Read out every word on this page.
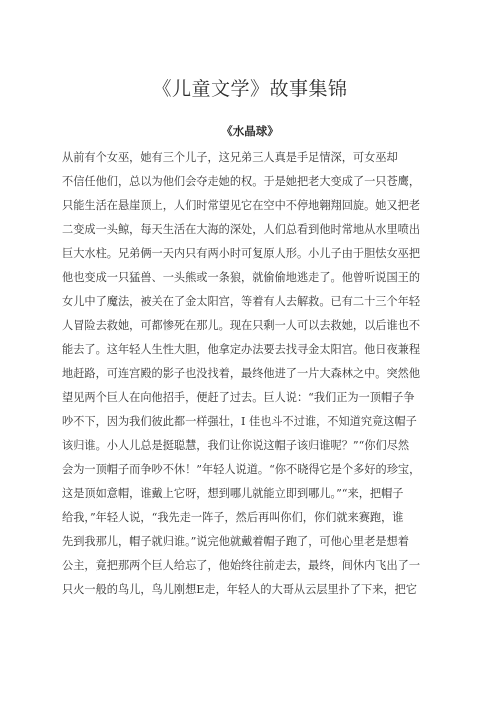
《儿童文学》故事集锦
《水晶球》
从前有个女巫，她有三个儿子，这兄弟三人真是手足情深，可女巫却
不信任他们，总以为他们会夺走她的权。于是她把老大变成了一只苍鹰，
只能生活在悬崖顶上，人们时常望见它在空中不停地翱翔回旋。她又把老
二变成一头鲸，每天生活在大海的深处，人们总看到他时常地从水里喷出
巨大水柱。兄弟俩一天内只有两小时可复原人形。小儿子由于胆怯女巫把
他也变成一只猛兽、一头熊或一条狼，就偷偷地逃走了。他曾听说国王的
女儿中了魔法，被关在了金太阳宫，等着有人去解救。已有二十三个年轻
人冒险去救她，可都惨死在那儿。现在只剩一人可以去救她，以后谁也不
能去了。这年轻人生性大胆，他拿定办法要去找寻金太阳宫。他日夜兼程
地赶路，可连宫殿的影子也没找着，最终他进了一片大森林之中。突然他
望见两个巨人在向他招手，便赶了过去。巨人说：“我们正为一顶帽子争
吵不下，因为我们彼此都一样强壮，I 佳也斗不过谁，不知道究竟这帽子
该归谁。小人儿总是挺聪慧，我们让你说这帽子该归谁呢？”“你们尽然
会为一顶帽子而争吵不休！”年轻人说道。“你不晓得它是个多好的珍宝，
这是顶如意帽，谁戴上它呀，想到哪儿就能立即到哪儿。”“来，把帽子
给我，”年轻人说，“我先走一阵子，然后再叫你们，你们就来赛跑，谁
先到我那儿，帽子就归谁。”说完他就戴着帽子跑了，可他心里老是想着
公主，竟把那两个巨人给忘了，他始终往前走去，最终，间休内飞出了一
只火一般的鸟儿，鸟儿刚想E走，年轻人的大哥从云层里扑了下来，把它
